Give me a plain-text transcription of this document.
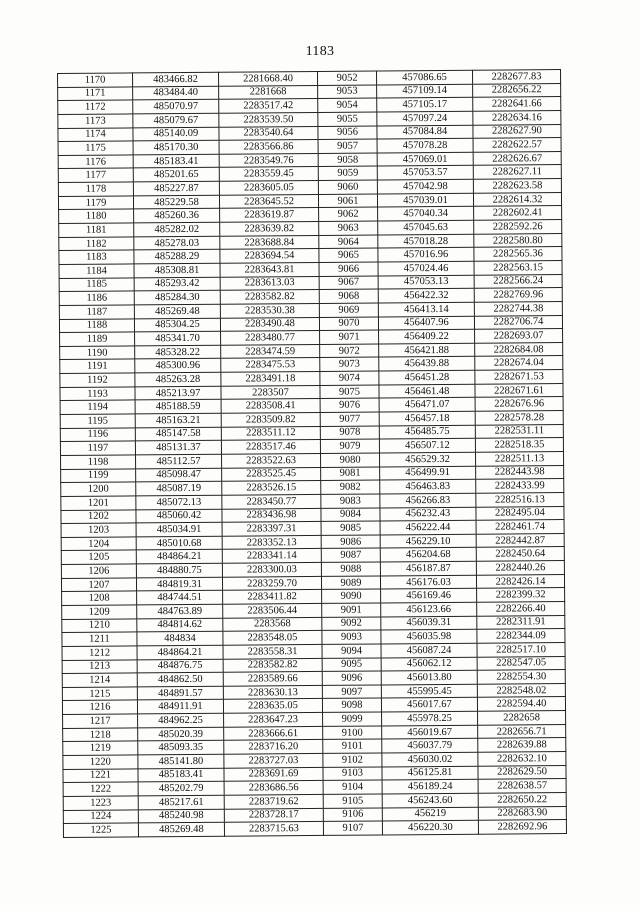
1183
1170	483466.82	2281668.40	9052	457086.65	2282677.83
1171	483484.40	2281668	9053	457109.14	2282656.22
1172	485070.97	2283517.42	9054	457105.17	2282641.66
1173	485079.67	2283539.50	9055	457097.24	2282634.16
1174	485140.09	2283540.64	9056	457084.84	2282627.90
1175	485170.30	2283566.86	9057	457078.28	2282622.57
1176	485183.41	2283549.76	9058	457069.01	2282626.67
1177	485201.65	2283559.45	9059	457053.57	2282627.11
1178	485227.87	2283605.05	9060	457042.98	2282623.58
1179	485229.58	2283645.52	9061	457039.01	2282614.32
1180	485260.36	2283619.87	9062	457040.34	2282602.41
1181	485282.02	2283639.82	9063	457045.63	2282592.26
1182	485278.03	2283688.84	9064	457018.28	2282580.80
1183	485288.29	2283694.54	9065	457016.96	2282565.36
1184	485308.81	2283643.81	9066	457024.46	2282563.15
1185	485293.42	2283613.03	9067	457053.13	2282566.24
1186	485284.30	2283582.82	9068	456422.32	2282769.96
1187	485269.48	2283530.38	9069	456413.14	2282744.38
1188	485304.25	2283490.48	9070	456407.96	2282706.74
1189	485341.70	2283480.77	9071	456409.22	2282693.07
1190	485328.22	2283474.59	9072	456421.88	2282684.08
1191	485300.96	2283475.53	9073	456439.88	2282674.04
1192	485263.28	2283491.18	9074	456451.28	2282671.53
1193	485213.97	2283507	9075	456461.48	2282671.61
1194	485188.59	2283508.41	9076	456471.07	2282676.96
1195	485163.21	2283509.82	9077	456457.18	2282578.28
1196	485147.58	2283511.12	9078	456485.75	2282531.11
1197	485131.37	2283517.46	9079	456507.12	2282518.35
1198	485112.57	2283522.63	9080	456529.32	2282511.13
1199	485098.47	2283525.45	9081	456499.91	2282443.98
1200	485087.19	2283526.15	9082	456463.83	2282433.99
1201	485072.13	2283450.77	9083	456266.83	2282516.13
1202	485060.42	2283436.98	9084	456232.43	2282495.04
1203	485034.91	2283397.31	9085	456222.44	2282461.74
1204	485010.68	2283352.13	9086	456229.10	2282442.87
1205	484864.21	2283341.14	9087	456204.68	2282450.64
1206	484880.75	2283300.03	9088	456187.87	2282440.26
1207	484819.31	2283259.70	9089	456176.03	2282426.14
1208	484744.51	2283411.82	9090	456169.46	2282399.32
1209	484763.89	2283506.44	9091	456123.66	2282266.40
1210	484814.62	2283568	9092	456039.31	2282311.91
1211	484834	2283548.05	9093	456035.98	2282344.09
1212	484864.21	2283558.31	9094	456087.24	2282517.10
1213	484876.75	2283582.82	9095	456062.12	2282547.05
1214	484862.50	2283589.66	9096	456013.80	2282554.30
1215	484891.57	2283630.13	9097	455995.45	2282548.02
1216	484911.91	2283635.05	9098	456017.67	2282594.40
1217	484962.25	2283647.23	9099	455978.25	2282658
1218	485020.39	2283666.61	9100	456019.67	2282656.71
1219	485093.35	2283716.20	9101	456037.79	2282639.88
1220	485141.80	2283727.03	9102	456030.02	2282632.10
1221	485183.41	2283691.69	9103	456125.81	2282629.50
1222	485202.79	2283686.56	9104	456189.24	2282638.57
1223	485217.61	2283719.62	9105	456243.60	2282650.22
1224	485240.98	2283728.17	9106	456219	2282683.90
1225	485269.48	2283715.63	9107	456220.30	2282692.96
